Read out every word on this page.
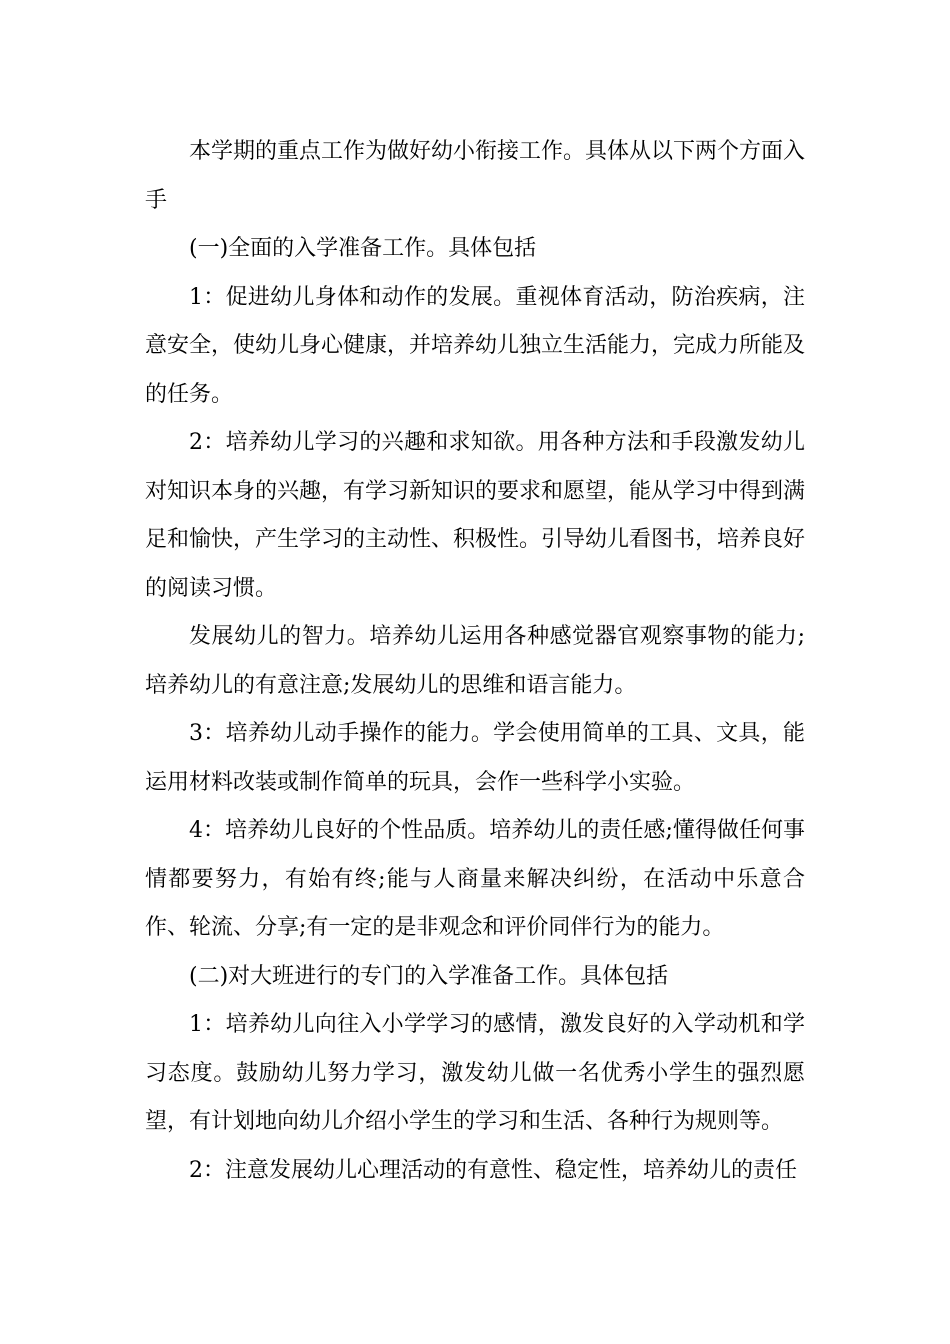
本学期的重点工作为做好幼小衔接工作。具体从以下两个方面入手

(一)全面的入学准备工作。具体包括

1：促进幼儿身体和动作的发展。重视体育活动，防治疾病，注意安全，使幼儿身心健康，并培养幼儿独立生活能力，完成力所能及的任务。

2：培养幼儿学习的兴趣和求知欲。用各种方法和手段激发幼儿对知识本身的兴趣，有学习新知识的要求和愿望，能从学习中得到满足和愉快，产生学习的主动性、积极性。引导幼儿看图书，培养良好的阅读习惯。

发展幼儿的智力。培养幼儿运用各种感觉器官观察事物的能力;培养幼儿的有意注意;发展幼儿的思维和语言能力。

3：培养幼儿动手操作的能力。学会使用简单的工具、文具，能运用材料改装或制作简单的玩具，会作一些科学小实验。

4：培养幼儿良好的个性品质。培养幼儿的责任感;懂得做任何事情都要努力，有始有终;能与人商量来解决纠纷，在活动中乐意合作、轮流、分享;有一定的是非观念和评价同伴行为的能力。

(二)对大班进行的专门的入学准备工作。具体包括

1：培养幼儿向往入小学学习的感情，激发良好的入学动机和学习态度。鼓励幼儿努力学习，激发幼儿做一名优秀小学生的强烈愿望，有计划地向幼儿介绍小学生的学习和生活、各种行为规则等。

2：注意发展幼儿心理活动的有意性、稳定性，培养幼儿的责任
